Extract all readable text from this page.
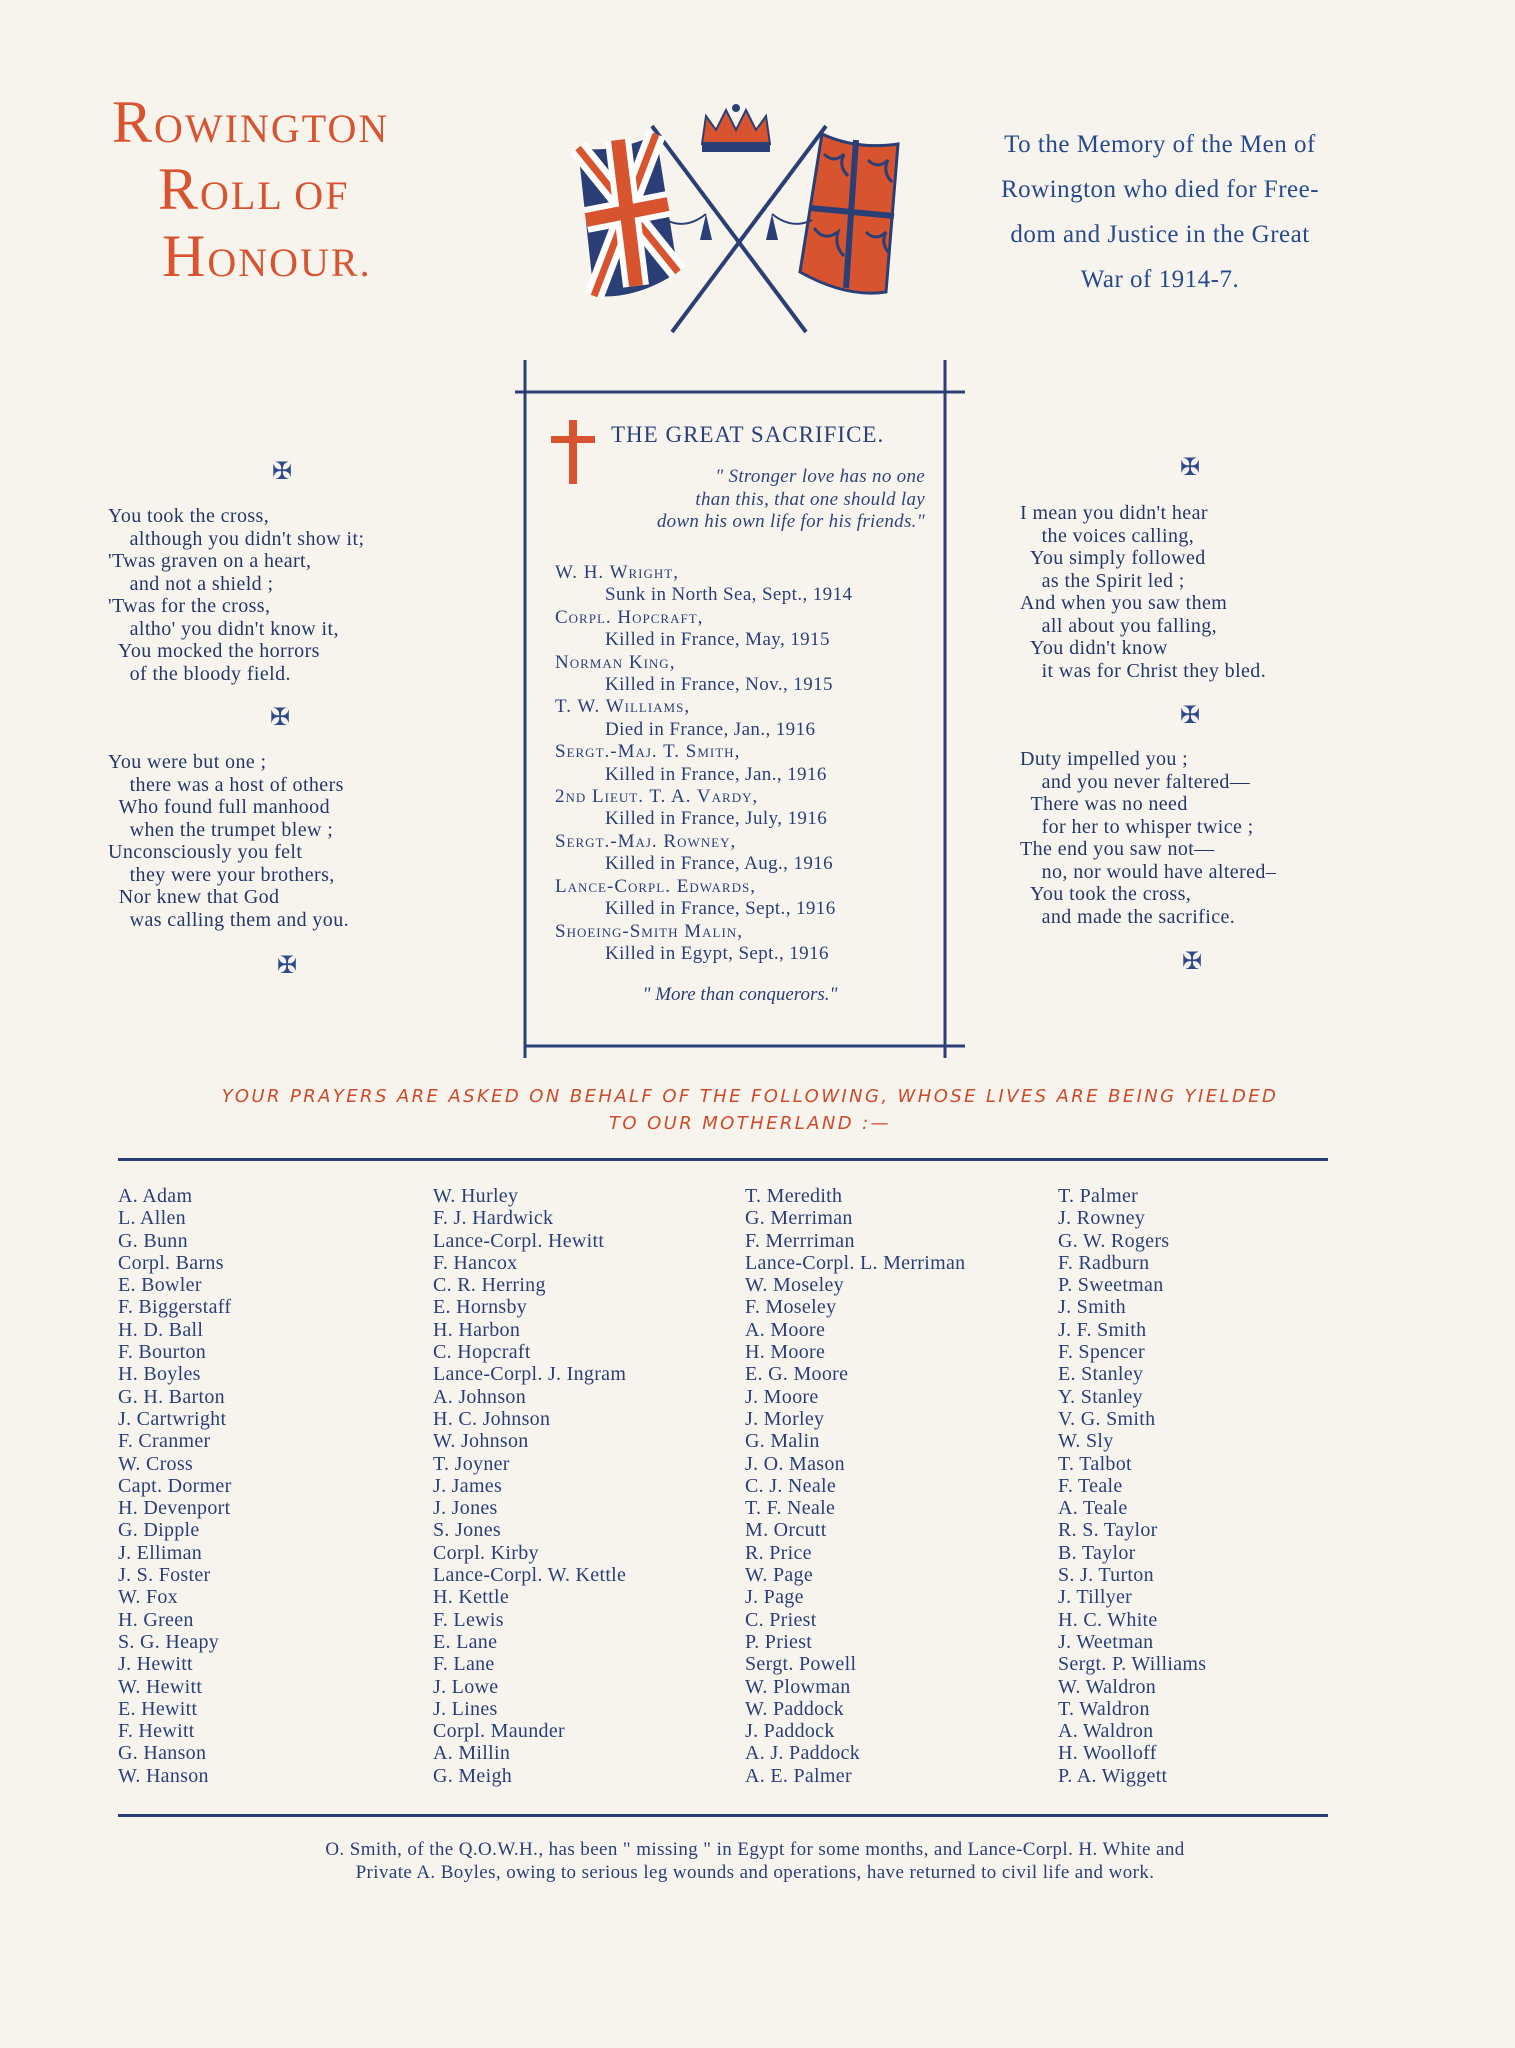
ROWINGTON
ROLL OF
HONOUR.
To the Memory of the Men of
Rowington who died for Free-
dom and Justice in the Great
War of 1914-7.
✠
You took the cross,
although you didn't show it;
'Twas graven on a heart,
and not a shield ;
'Twas for the cross,
altho' you didn't know it,
You mocked the horrors
of the bloody field.
✠
You were but one ;
there was a host of others
Who found full manhood
when the trumpet blew ;
Unconsciously you felt
they were your brothers,
Nor knew that God
was calling them and you.
✠
THE GREAT SACRIFICE.
" Stronger love has no one
than this, that one should lay
down his own life for his friends."
W. H. Wright,
Sunk in North Sea, Sept., 1914
Corpl. Hopcraft,
Killed in France, May, 1915
Norman King,
Killed in France, Nov., 1915
T. W. Williams,
Died in France, Jan., 1916
Sergt.-Maj. T. Smith,
Killed in France, Jan., 1916
2nd Lieut. T. A. Vardy,
Killed in France, July, 1916
Sergt.-Maj. Rowney,
Killed in France, Aug., 1916
Lance-Corpl. Edwards,
Killed in France, Sept., 1916
Shoeing-Smith Malin,
Killed in Egypt, Sept., 1916
" More than conquerors."
✠
I mean you didn't hear
the voices calling,
You simply followed
as the Spirit led ;
And when you saw them
all about you falling,
You didn't know
it was for Christ they bled.
✠
Duty impelled you ;
and you never faltered—
There was no need
for her to whisper twice ;
The end you saw not—
no, nor would have altered–
You took the cross,
and made the sacrifice.
✠
YOUR PRAYERS ARE ASKED ON BEHALF OF THE FOLLOWING, WHOSE LIVES ARE BEING YIELDED
TO OUR MOTHERLAND :—
A. Adam
L. Allen
G. Bunn
Corpl. Barns
E. Bowler
F. Biggerstaff
H. D. Ball
F. Bourton
H. Boyles
G. H. Barton
J. Cartwright
F. Cranmer
W. Cross
Capt. Dormer
H. Devenport
G. Dipple
J. Elliman
J. S. Foster
W. Fox
H. Green
S. G. Heapy
J. Hewitt
W. Hewitt
E. Hewitt
F. Hewitt
G. Hanson
W. Hanson
W. Hurley
F. J. Hardwick
Lance-Corpl. Hewitt
F. Hancox
C. R. Herring
E. Hornsby
H. Harbon
C. Hopcraft
Lance-Corpl. J. Ingram
A. Johnson
H. C. Johnson
W. Johnson
T. Joyner
J. James
J. Jones
S. Jones
Corpl. Kirby
Lance-Corpl. W. Kettle
H. Kettle
F. Lewis
E. Lane
F. Lane
J. Lowe
J. Lines
Corpl. Maunder
A. Millin
G. Meigh
T. Meredith
G. Merriman
F. Merrriman
Lance-Corpl. L. Merriman
W. Moseley
F. Moseley
A. Moore
H. Moore
E. G. Moore
J. Moore
J. Morley
G. Malin
J. O. Mason
C. J. Neale
T. F. Neale
M. Orcutt
R. Price
W. Page
J. Page
C. Priest
P. Priest
Sergt. Powell
W. Plowman
W. Paddock
J. Paddock
A. J. Paddock
A. E. Palmer
T. Palmer
J. Rowney
G. W. Rogers
F. Radburn
P. Sweetman
J. Smith
J. F. Smith
F. Spencer
E. Stanley
Y. Stanley
V. G. Smith
W. Sly
T. Talbot
F. Teale
A. Teale
R. S. Taylor
B. Taylor
S. J. Turton
J. Tillyer
H. C. White
J. Weetman
Sergt. P. Williams
W. Waldron
T. Waldron
A. Waldron
H. Woolloff
P. A. Wiggett
O. Smith, of the Q.O.W.H., has been " missing " in Egypt for some months, and Lance-Corpl. H. White and
Private A. Boyles, owing to serious leg wounds and operations, have returned to civil life and work.
